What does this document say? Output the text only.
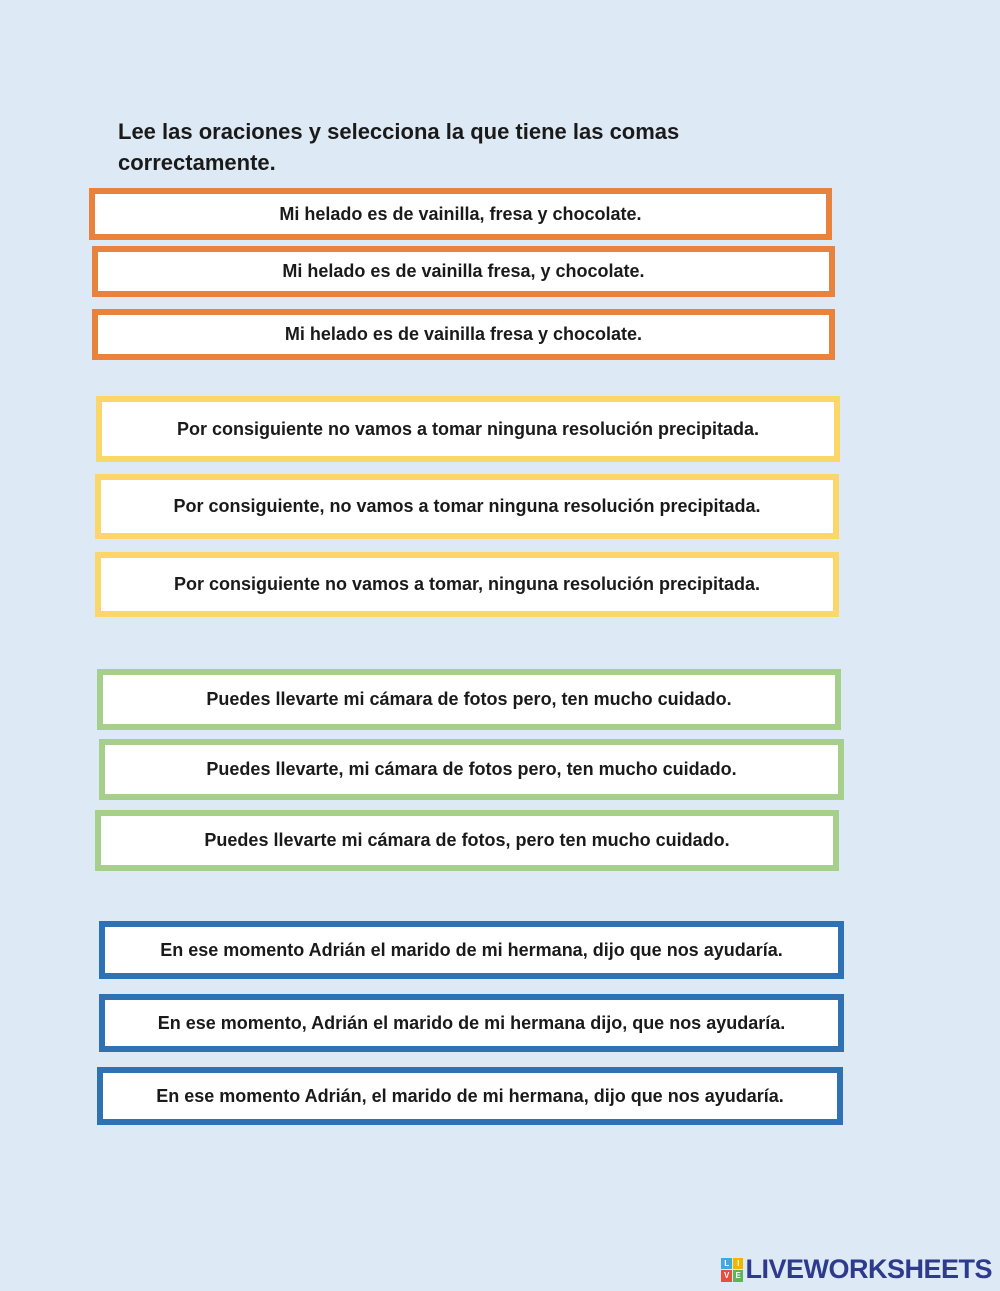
Lee las oraciones y selecciona la que tiene las comas correctamente.

Mi helado es de vainilla, fresa y chocolate.
Mi helado es de vainilla fresa, y chocolate.
Mi helado es de vainilla fresa y chocolate.
Por consiguiente no vamos a tomar ninguna resolución precipitada.
Por consiguiente, no vamos a tomar ninguna resolución precipitada.
Por consiguiente no vamos a tomar, ninguna resolución precipitada.
Puedes llevarte mi cámara de fotos pero, ten mucho cuidado.
Puedes llevarte, mi cámara de fotos pero, ten mucho cuidado.
Puedes llevarte mi cámara de fotos, pero ten mucho cuidado.
En ese momento Adrián el marido de mi hermana, dijo que nos ayudaría.
En ese momento, Adrián el marido de mi hermana dijo, que nos ayudaría.
En ese momento Adrián, el marido de mi hermana, dijo que nos ayudaría.
L I
V E LIVEWORKSHEETS
